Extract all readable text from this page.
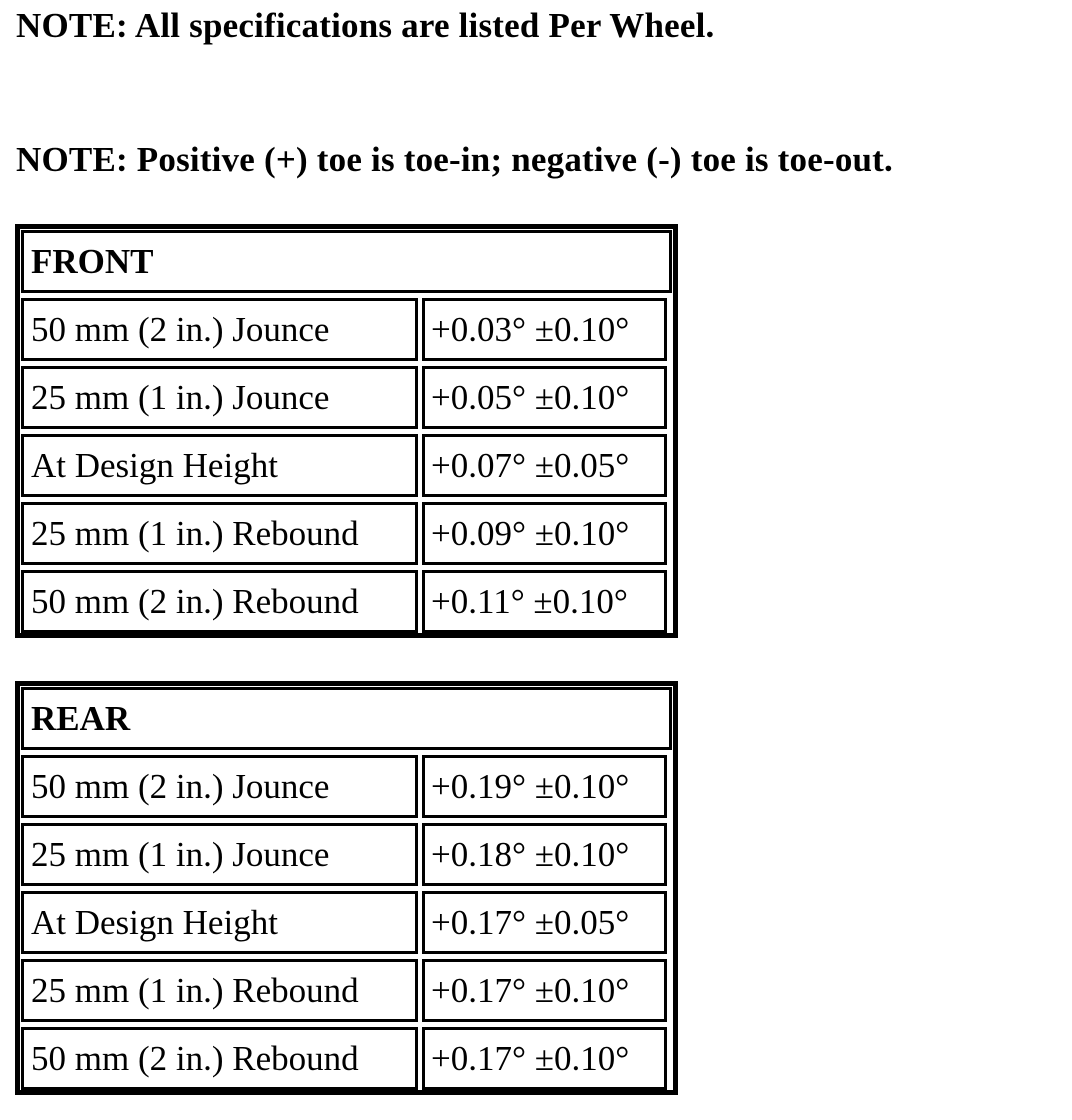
NOTE: All specifications are listed Per Wheel.

NOTE: Positive (+) toe is toe-in; negative (-) toe is toe-out.

FRONT
50 mm (2 in.) Jounce	+0.03° ±0.10°
25 mm (1 in.) Jounce	+0.05° ±0.10°
At Design Height	+0.07° ±0.05°
25 mm (1 in.) Rebound	+0.09° ±0.10°
50 mm (2 in.) Rebound	+0.11° ±0.10°
REAR
50 mm (2 in.) Jounce	+0.19° ±0.10°
25 mm (1 in.) Jounce	+0.18° ±0.10°
At Design Height	+0.17° ±0.05°
25 mm (1 in.) Rebound	+0.17° ±0.10°
50 mm (2 in.) Rebound	+0.17° ±0.10°
